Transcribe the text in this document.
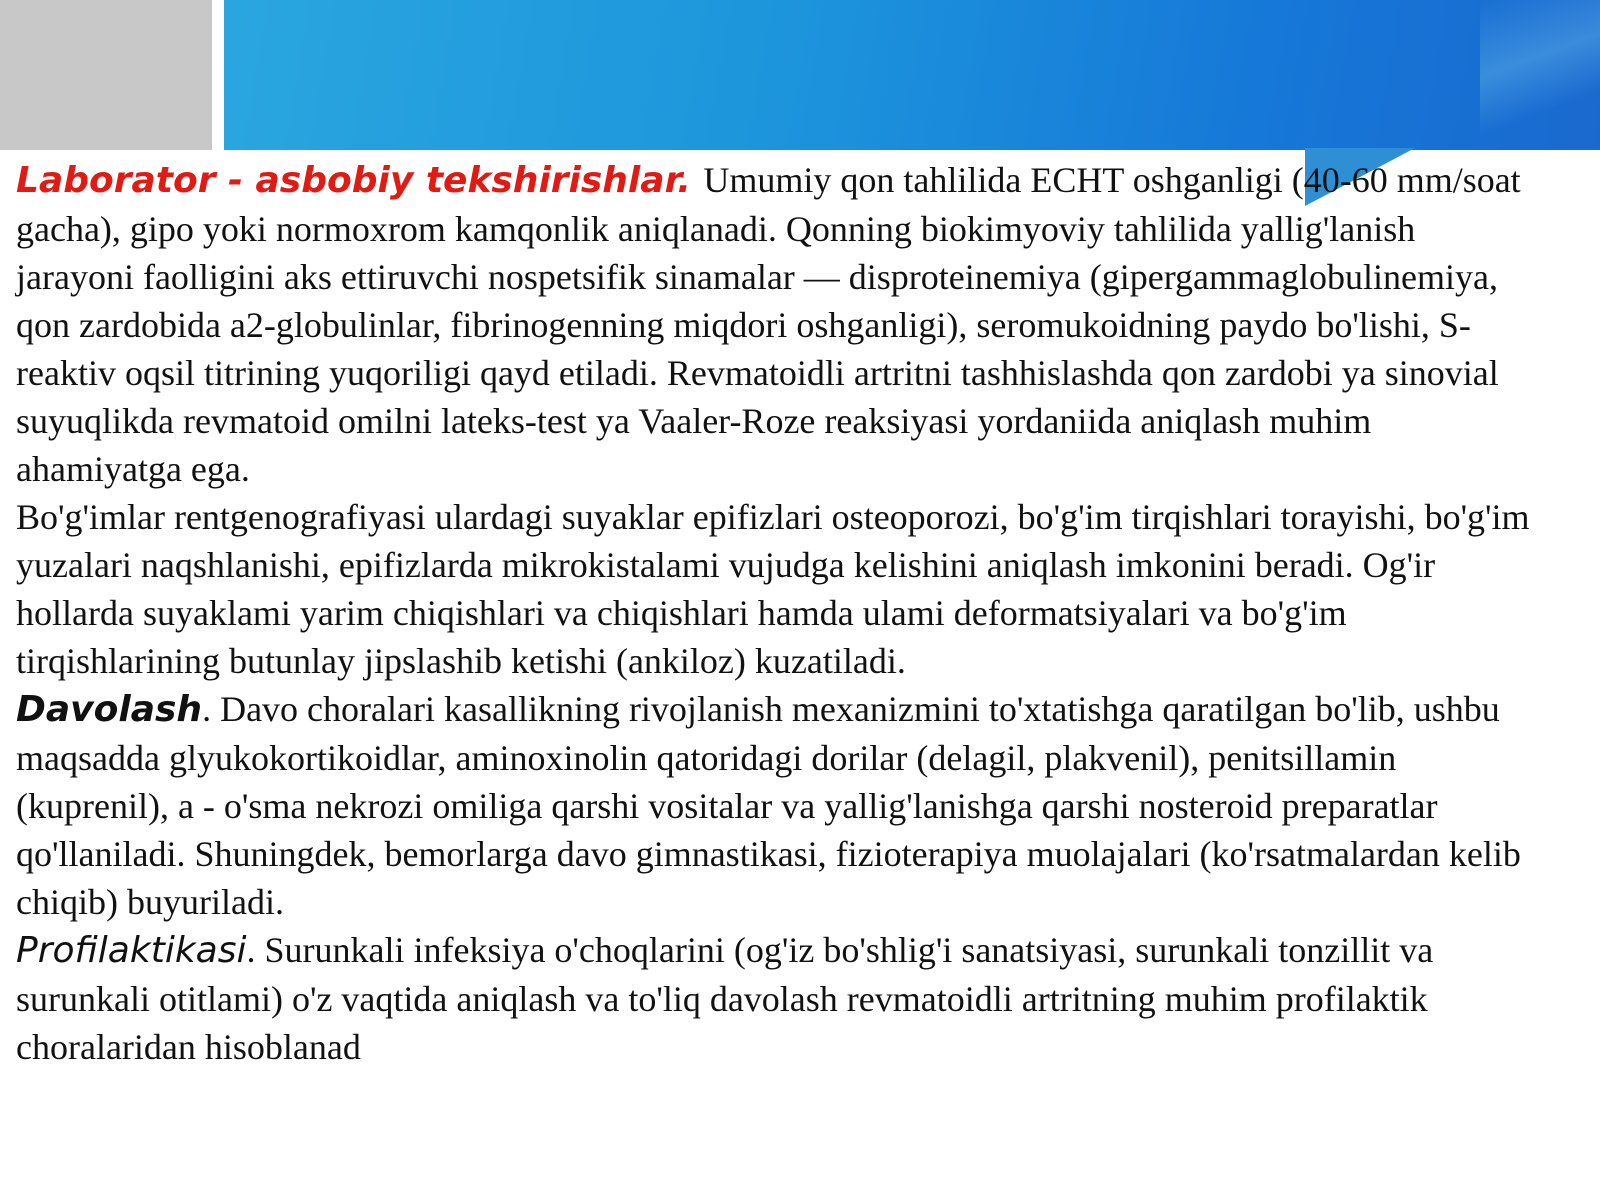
Laborator - asbobiy tekshirishlar. Umumiy qon tahlilida ECHT oshganligi (40-60 mm/soat gacha), gipo yoki normoxrom kamqonlik aniqlanadi. Qonning biokimyoviy tahlilida yallig'lanish jarayoni faolligini aks ettiruvchi nospetsifik sinamalar — disproteinemiya (gipergammaglobulinemiya, qon zardobida a2-globulinlar, fibrinogenning miqdori oshganligi), seromukoidning paydo bo'lishi, S-reaktiv oqsil titrining yuqoriligi qayd etiladi. Revmatoidli artritni tashhislashda qon zardobi ya sinovial suyuqlikda revmatoid omilni lateks-test ya Vaaler-Roze reaksiyasi yordaniida aniqlash muhim ahamiyatga ega.

Bo'g'imlar rentgenografiyasi ulardagi suyaklar epifizlari osteoporozi, bo'g'im tirqishlari torayishi, bo'g'im yuzalari naqshlanishi, epifizlarda mikrokistalami vujudga kelishini aniqlash imkonini beradi. Og'ir hollarda suyaklami yarim chiqishlari va chiqishlari hamda ulami deformatsiyalari va bo'g'im tirqishlarining butunlay jipslashib ketishi (ankiloz) kuzatiladi.

Davolash. Davo choralari kasallikning rivojlanish mexanizmini to'xtatishga qaratilgan bo'lib, ushbu maqsadda glyukokortikoidlar, aminoxinolin qatoridagi dorilar (delagil, plakvenil), penitsillamin (kuprenil), a - o'sma nekrozi omiliga qarshi vositalar va yallig'lanishga qarshi nosteroid preparatlar qo'llaniladi. Shuningdek, bemorlarga davo gimnastikasi, fizioterapiya muolajalari (ko'rsatmalardan kelib chiqib) buyuriladi.

Profilaktikasi. Surunkali infeksiya o'choqlarini (og'iz bo'shlig'i sanatsiyasi, surunkali tonzillit va surunkali otitlami) o'z vaqtida aniqlash va to'liq davolash revmatoidli artritning muhim profilaktik choralaridan hisoblanad
